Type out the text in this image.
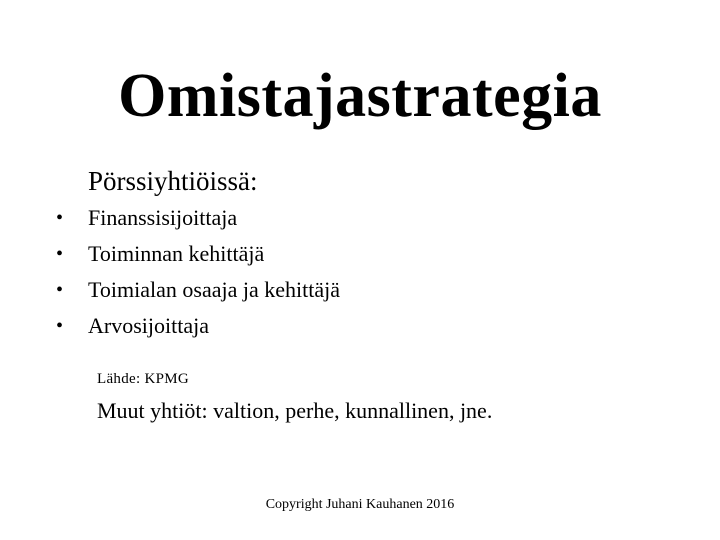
Omistajastrategia
Pörssiyhtiöissä:
•	Finanssisijoittaja
•	Toiminnan kehittäjä
•	Toimialan osaaja ja kehittäjä
•	Arvosijoittaja
Lähde: KPMG
Muut yhtiöt: valtion, perhe, kunnallinen, jne.
Copyright Juhani Kauhanen 2016
